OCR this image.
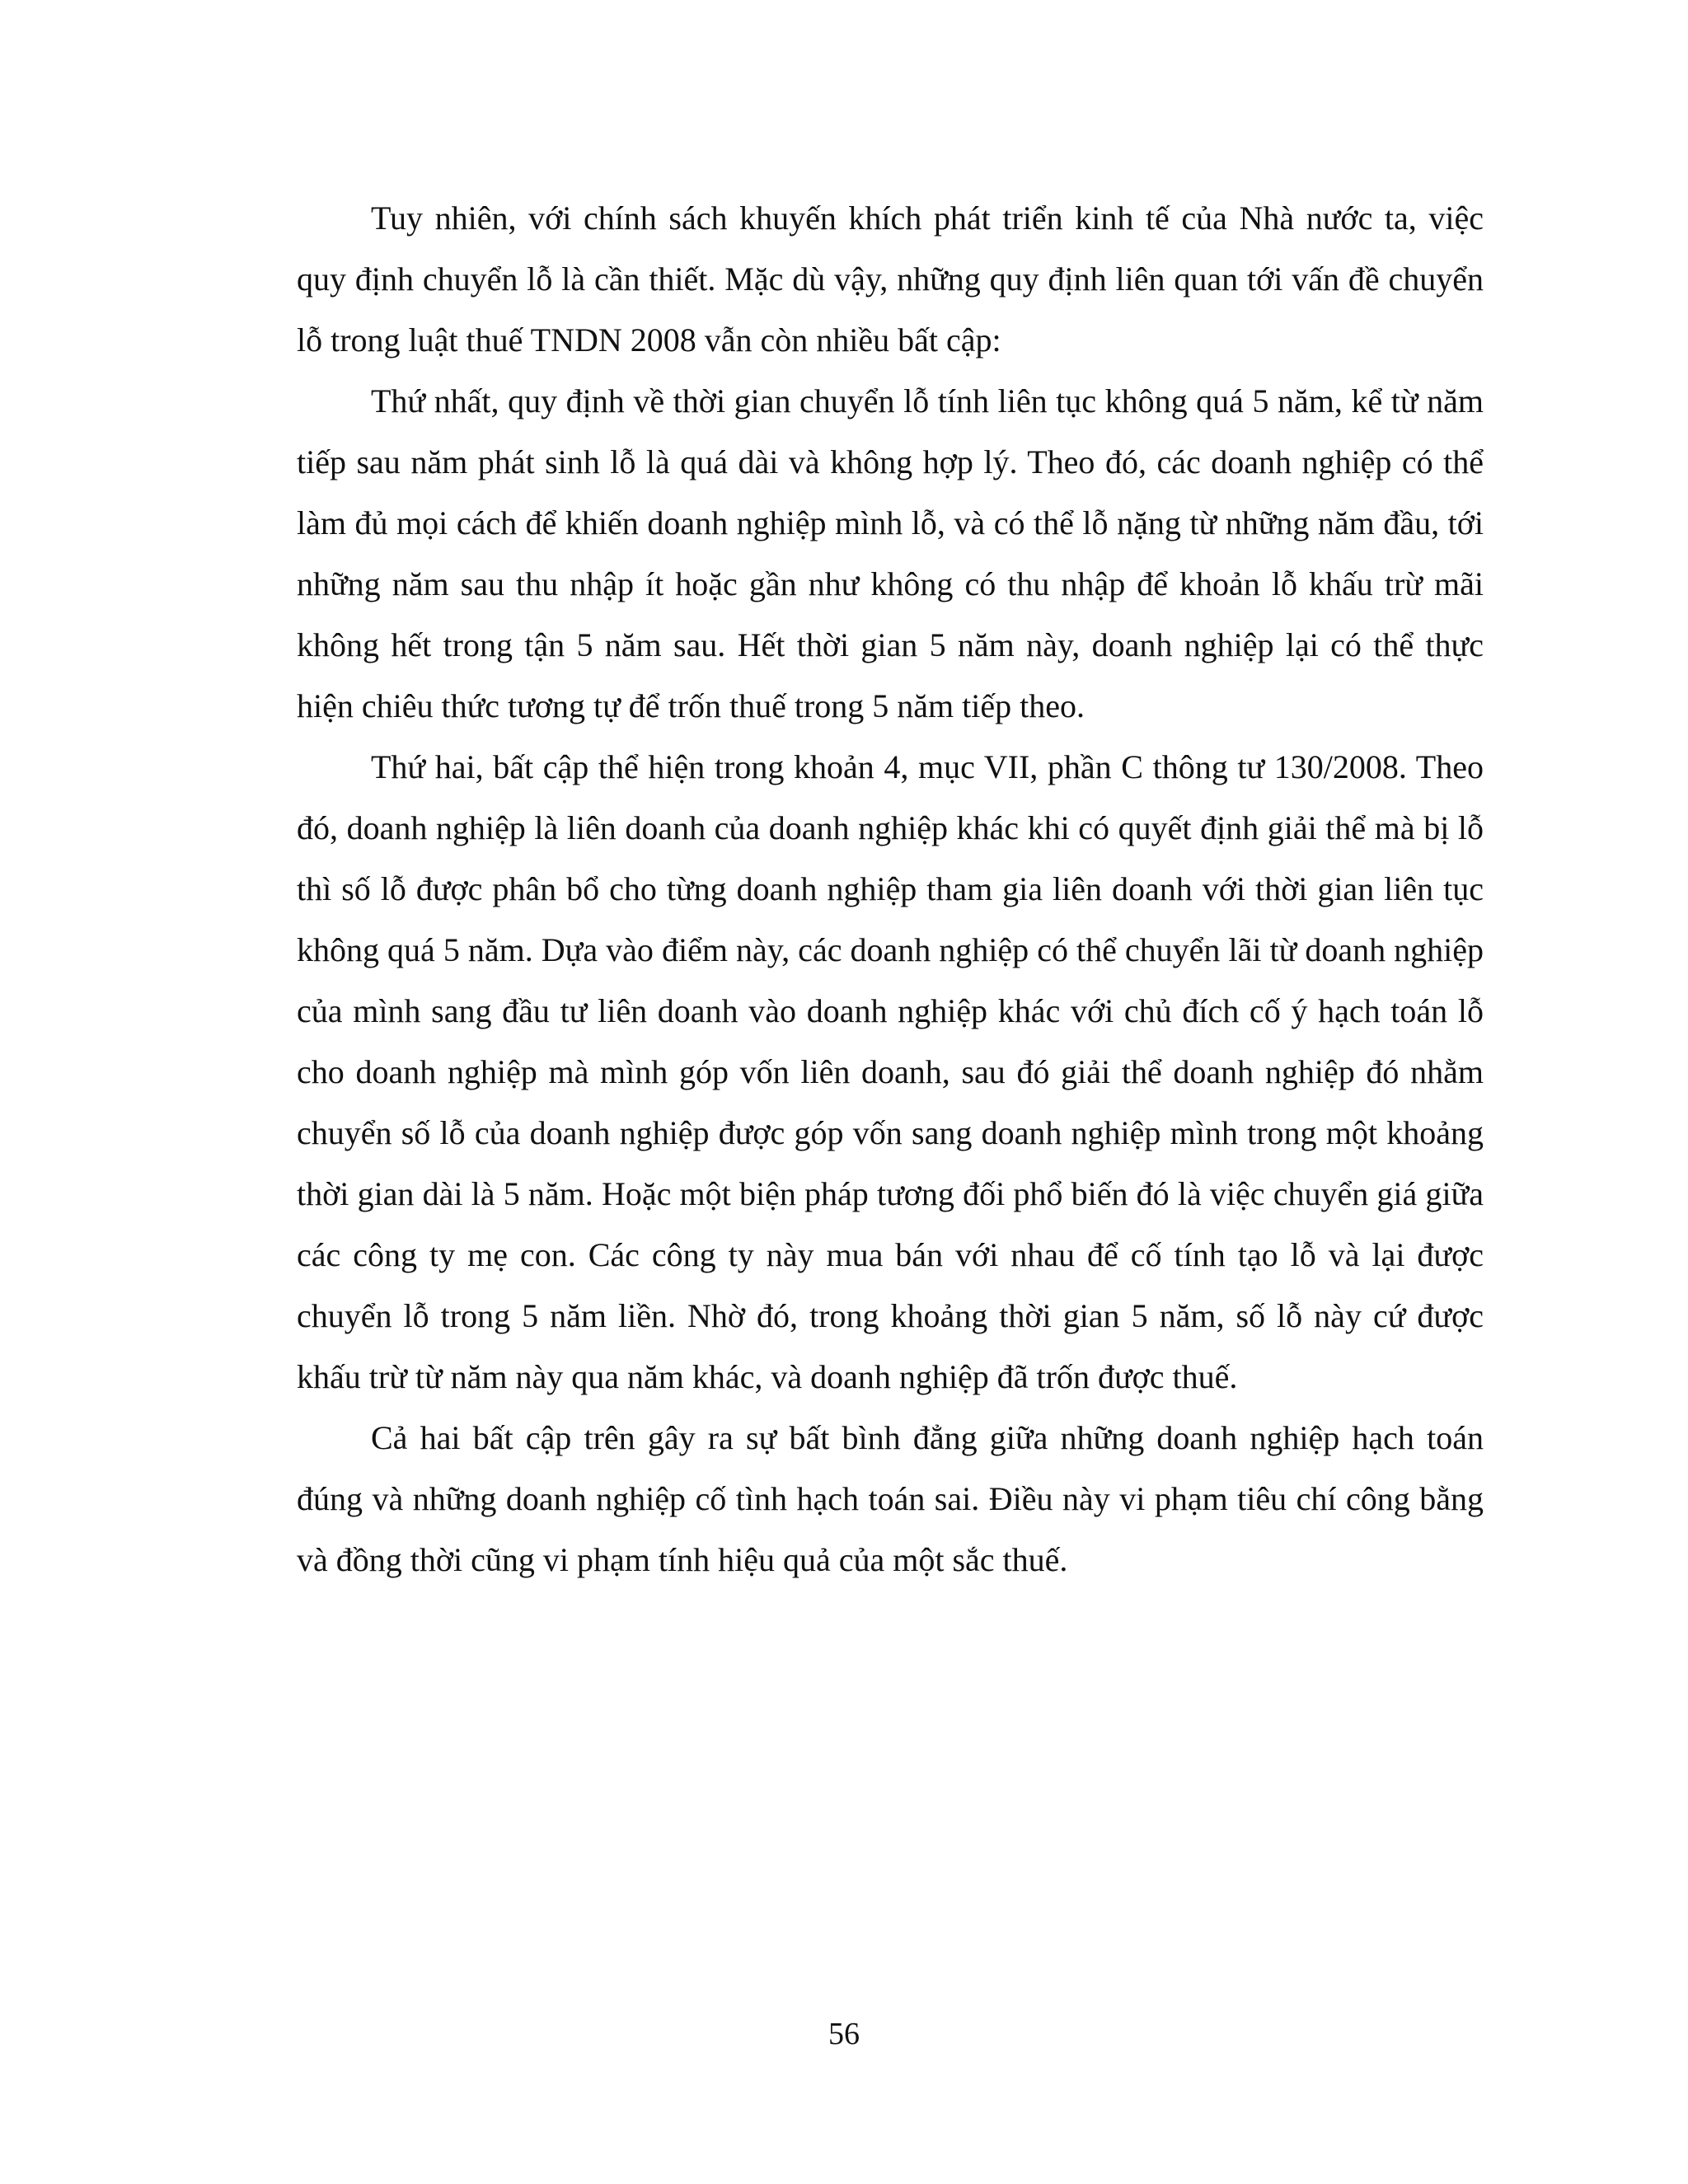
Tuy nhiên, với chính sách khuyến khích phát triển kinh tế của Nhà nước ta, việc quy định chuyển lỗ là cần thiết. Mặc dù vậy, những quy định liên quan tới vấn đề chuyển lỗ trong luật thuế TNDN 2008 vẫn còn nhiều bất cập:

Thứ nhất, quy định về thời gian chuyển lỗ tính liên tục không quá 5 năm, kể từ năm tiếp sau năm phát sinh lỗ là quá dài và không hợp lý. Theo đó, các doanh nghiệp có thể làm đủ mọi cách để khiến doanh nghiệp mình lỗ, và có thể lỗ nặng từ những năm đầu, tới những năm sau thu nhập ít hoặc gần như không có thu nhập để khoản lỗ khấu trừ mãi không hết trong tận 5 năm sau. Hết thời gian 5 năm này, doanh nghiệp lại có thể thực hiện chiêu thức tương tự để trốn thuế trong 5 năm tiếp theo.

Thứ hai, bất cập thể hiện trong khoản 4, mục VII, phần C thông tư 130/2008. Theo đó, doanh nghiệp là liên doanh của doanh nghiệp khác khi có quyết định giải thể mà bị lỗ thì số lỗ được phân bổ cho từng doanh nghiệp tham gia liên doanh với thời gian liên tục không quá 5 năm. Dựa vào điểm này, các doanh nghiệp có thể chuyển lãi từ doanh nghiệp của mình sang đầu tư liên doanh vào doanh nghiệp khác với chủ đích cố ý hạch toán lỗ cho doanh nghiệp mà mình góp vốn liên doanh, sau đó giải thể doanh nghiệp đó nhằm chuyển số lỗ của doanh nghiệp được góp vốn sang doanh nghiệp mình trong một khoảng thời gian dài là 5 năm. Hoặc một biện pháp tương đối phổ biến đó là việc chuyển giá giữa các công ty mẹ con. Các công ty này mua bán với nhau để cố tính tạo lỗ và lại được chuyển lỗ trong 5 năm liền. Nhờ đó, trong khoảng thời gian 5 năm, số lỗ này cứ được khấu trừ từ năm này qua năm khác, và doanh nghiệp đã trốn được thuế.

Cả hai bất cập trên gây ra sự bất bình đẳng giữa những doanh nghiệp hạch toán đúng và những doanh nghiệp cố tình hạch toán sai. Điều này vi phạm tiêu chí công bằng và đồng thời cũng vi phạm tính hiệu quả của một sắc thuế.

56
